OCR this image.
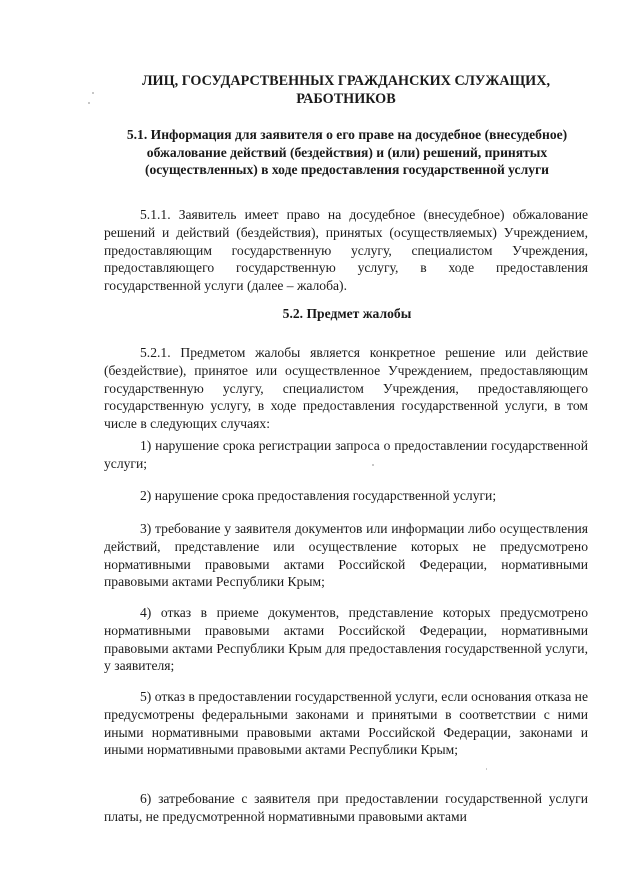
ЛИЦ, ГОСУДАРСТВЕННЫХ ГРАЖДАНСКИХ СЛУЖАЩИХ, РАБОТНИКОВ

5.1. Информация для заявителя о его праве на досудебное (внесудебное) обжалование действий (бездействия) и (или) решений, принятых (осуществленных) в ходе предоставления государственной услуги

5.1.1. Заявитель имеет право на досудебное (внесудебное) обжалование решений и действий (бездействия), принятых (осуществляемых) Учреждением, предоставляющим государственную услугу, специалистом Учреждения, предоставляющего государственную услугу, в ходе предоставления государственной услуги (далее – жалоба).

5.2. Предмет жалобы

5.2.1. Предметом жалобы является конкретное решение или действие (бездействие), принятое или осуществленное Учреждением, предоставляющим государственную услугу, специалистом Учреждения, предоставляющего государственную услугу, в ходе предоставления государственной услуги, в том числе в следующих случаях:

1) нарушение срока регистрации запроса о предоставлении государственной услуги;

2) нарушение срока предоставления государственной услуги;

3) требование у заявителя документов или информации либо осуществления действий, представление или осуществление которых не предусмотрено нормативными правовыми актами Российской Федерации, нормативными правовыми актами Республики Крым;

4) отказ в приеме документов, представление которых предусмотрено нормативными правовыми актами Российской Федерации, нормативными правовыми актами Республики Крым для предоставления государственной услуги, у заявителя;

5) отказ в предоставлении государственной услуги, если основания отказа не предусмотрены федеральными законами и принятыми в соответствии с ними иными нормативными правовыми актами Российской Федерации, законами и иными нормативными правовыми актами Республики Крым;

6) затребование с заявителя при предоставлении государственной услуги платы, не предусмотренной нормативными правовыми актами
